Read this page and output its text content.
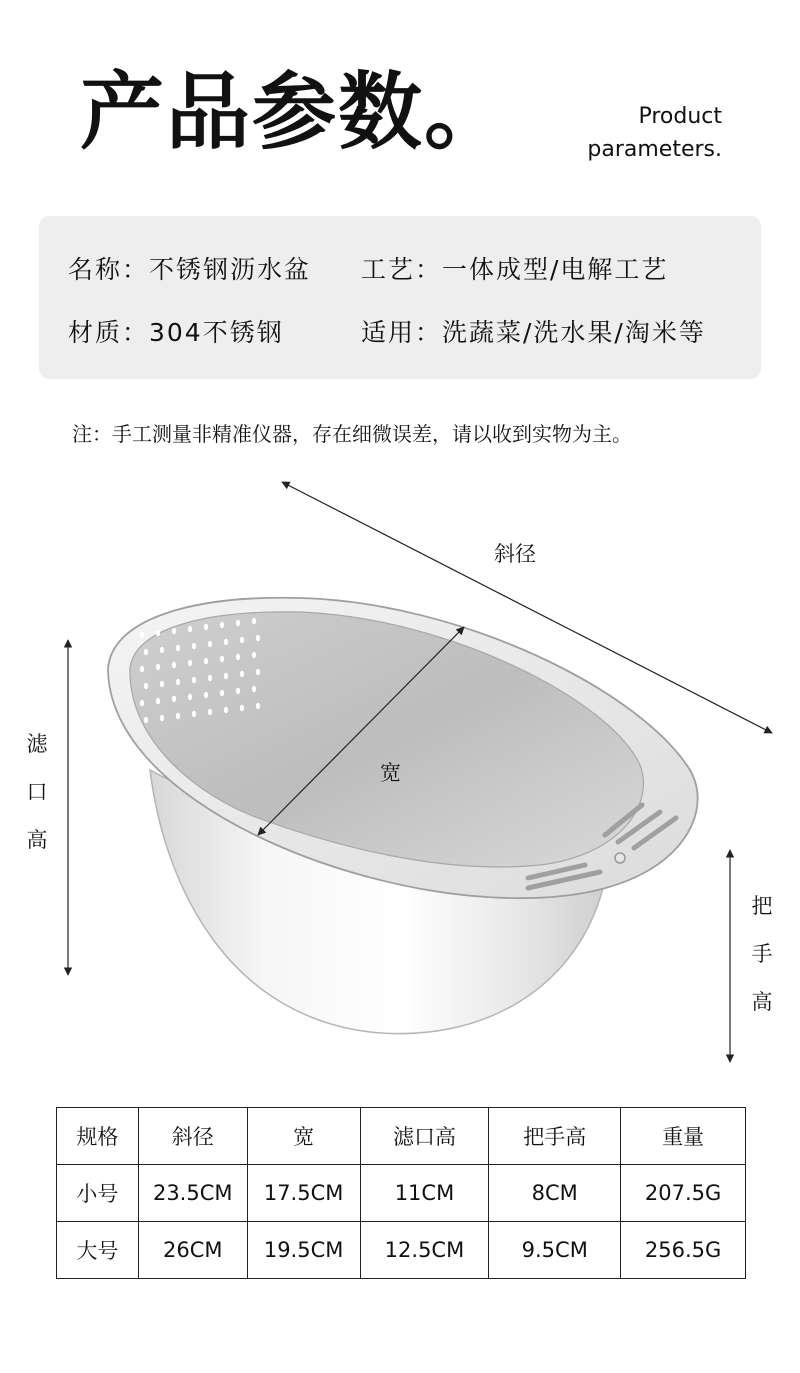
产品参数。	Product
parameters.
名称：不锈钢沥水盆 工艺：一体成型/电解工艺
材质：304不锈钢	适用：洗蔬菜/洗水果/淘米等
注：手工测量非精准仪器，存在细微误差，请以收到实物为主。
斜径
宽
滤
口
高
把
手
高
规格	斜径	宽	滤口高	把手高	重量
小号	23.5CM	17.5CM	11CM	8CM	207.5G
大号	26CM	19.5CM	12.5CM	9.5CM	256.5G
